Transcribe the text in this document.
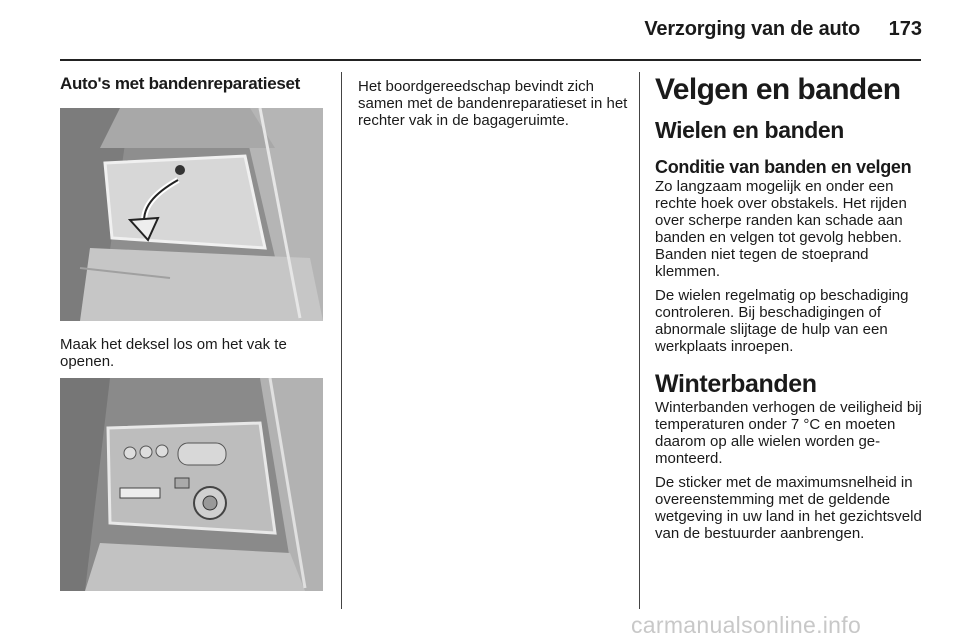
Verzorging van de auto	173
Auto's met bandenreparatieset

Maak het deksel los om het vak te openen.

Het boordgereedschap bevindt zich samen met de bandenreparatieset in het rechter vak in de bagageruimte.

Velgen en banden
Wielen en banden
Conditie van banden en velgen

Zo langzaam mogelijk en onder een rechte hoek over obstakels. Het rijden over scherpe randen kan schade aan banden en velgen tot gevolg hebben. Banden niet tegen de stoeprand klemmen.

De wielen regelmatig op beschadiging controleren. Bij beschadigingen of abnormale slijtage de hulp van een werkplaats inroepen.

Winterbanden

Winterbanden verhogen de veiligheid bij temperaturen onder 7 °C en moeten daarom op alle wielen worden gemonteerd.

De sticker met de maximumsnelheid in overeenstemming met de geldende wetgeving in uw land in het gezichtsveld van de bestuurder aanbrengen.

carmanualsonline.info
